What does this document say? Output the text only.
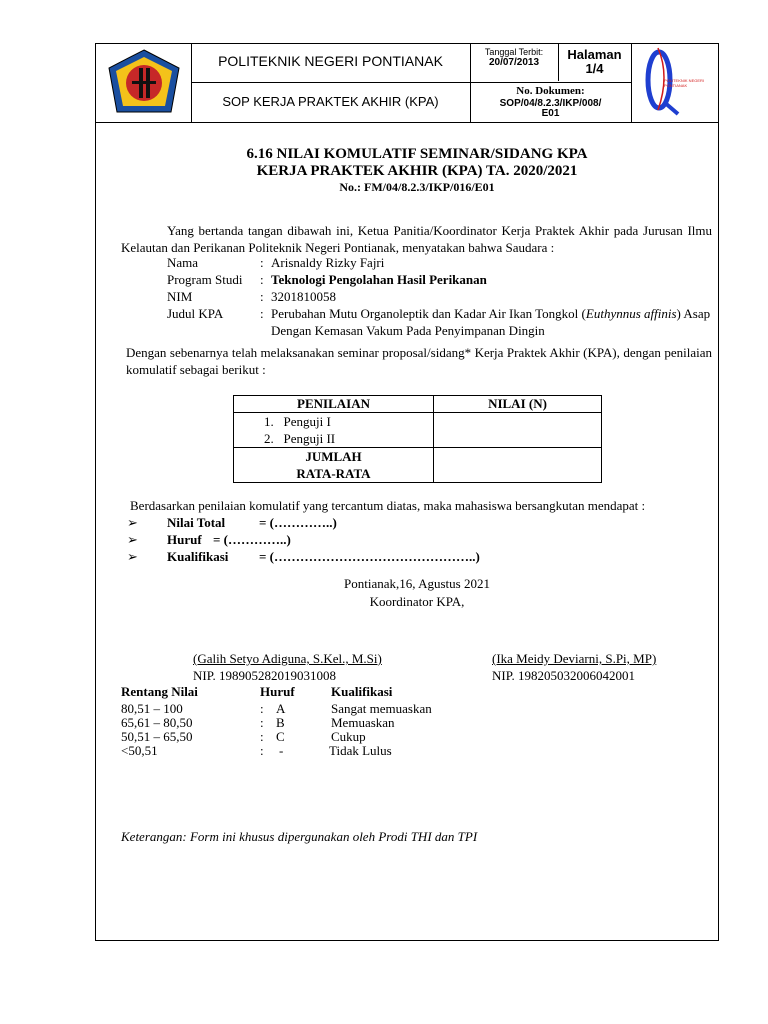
POLNEP
POLITEKNIK NEGERI PONTIANAK
SOP KERJA PRAKTEK AKHIR (KPA)
Tanggal Terbit:
20/07/2013
Halaman
1/4
No. Dokumen:
SOP/04/8.2.3/IKP/008/
E01
POLITEKNIK NEGERI PONTIANAK
6.16 NILAI KOMULATIF SEMINAR/SIDANG KPA
KERJA PRAKTEK AKHIR (KPA) TA. 2020/2021
No.: FM/04/8.2.3/IKP/016/E01
Yang bertanda tangan dibawah ini, Ketua Panitia/Koordinator Kerja Praktek Akhir pada Jurusan Ilmu Kelautan dan Perikanan Politeknik Negeri Pontianak, menyatakan bahwa Saudara :
Nama	: Arisnaldy Rizky Fajri
Program Studi : Teknologi Pengolahan Hasil Perikanan
NIM	: 3201810058
Judul KPA	: Perubahan Mutu Organoleptik dan Kadar Air Ikan Tongkol (Euthynnus affinis) Asap
Dengan Kemasan Vakum Pada Penyimpanan Dingin
Dengan sebenarnya telah melaksanakan seminar proposal/sidang* Kerja Praktek Akhir (KPA), dengan penilaian komulatif sebagai berikut :
PENILAIAN	NILAI (N)

1. Penguji I
2. Penguji II	

JUMLAH
RATA-RATA	

Berdasarkan penilaian komulatif yang tercantum diatas, maka mahasiswa bersangkutan mendapat :
➢ Nilai Total	= (…………..)
➢ Huruf = (…………..)
➢ Kualifikasi = (………………………………………..)
Pontianak,16, Agustus 2021
Koordinator KPA,
(Galih Setyo Adiguna, S.Kel., M.Si)
NIP. 198905282019031008
(Ika Meidy Deviarni, S.Pi, MP)
NIP. 198205032006042001
Rentang Nilai	Huruf	Kualifikasi
80,51 – 100	: A	Sangat memuaskan
65,61 – 80,50	: B	Memuaskan
50,51 – 65,50	: C	Cukup
<50,51	: -	Tidak Lulus
Keterangan: Form ini khusus dipergunakan oleh Prodi THI dan TPI
